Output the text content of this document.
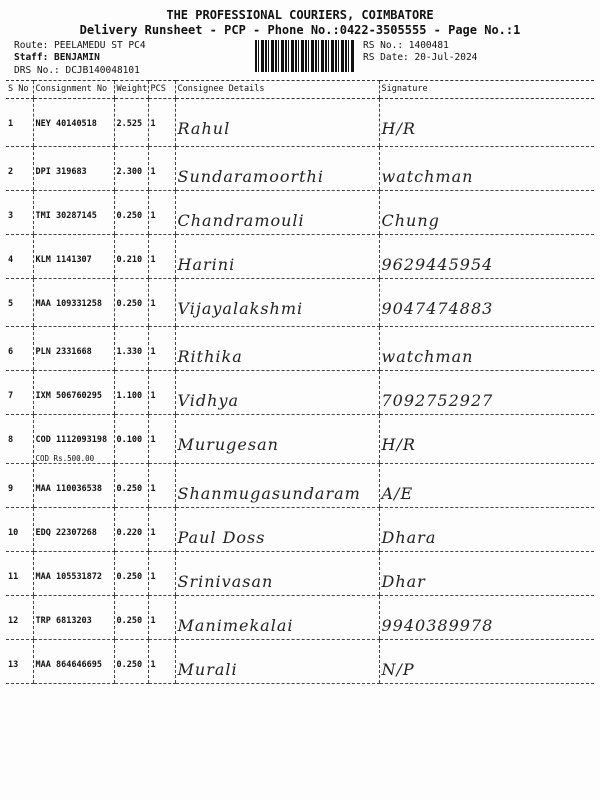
THE PROFESSIONAL COURIERS, COIMBATORE
Delivery Runsheet - PCP - Phone No.:0422-3505555 - Page No.:1
Route: PEELAMEDU ST PC4
Staff: BENJAMIN
DRS No.: DCJB140048101
RS No.: 1400481
RS Date: 20-Jul-2024
S No	Consignment No	Weight	PCS	Consignee Details	Signature
1	NEY 40140518	2.525	1	Rahul	H/R
2	DPI 319683	2.300	1	Sundaramoorthi	watchman
3	TMI 30287145	0.250	1	Chandramouli	Chung
4	KLM 1141307	0.210	1	Harini	9629445954
5	MAA 109331258	0.250	1	Vijayalakshmi	9047474883
6	PLN 2331668	1.330	1	Rithika	watchman
7	IXM 506760295	1.100	1	Vidhya	7092752927
8	COD 1112093198
COD Rs.500.00	0.100	1	Murugesan	H/R
9	MAA 110036538	0.250	1	Shanmugasundaram	A/E
10	EDQ 22307268	0.220	1	Paul Doss	Dhara
11	MAA 105531872	0.250	1	Srinivasan	Dhar
12	TRP 6813203	0.250	1	Manimekalai	9940389978
13	MAA 864646695	0.250	1	Murali	N/P
